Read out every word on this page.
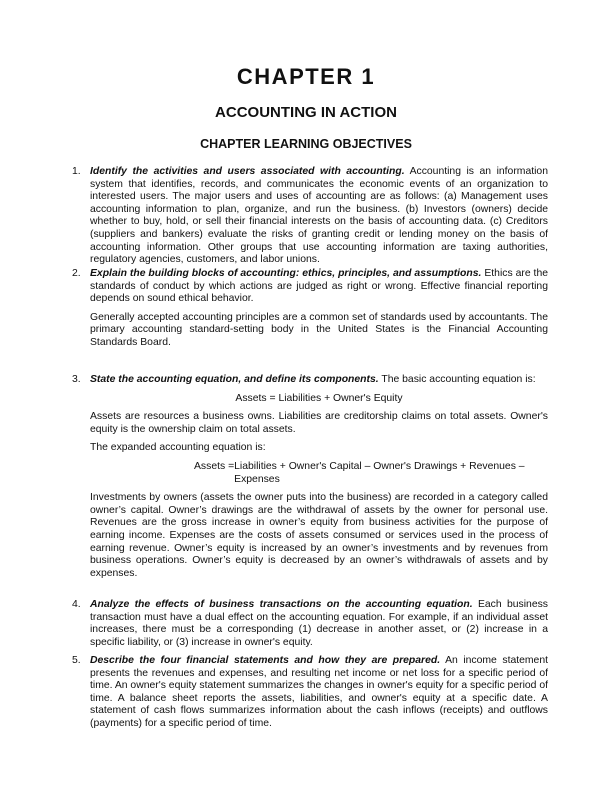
CHAPTER 1
ACCOUNTING IN ACTION
CHAPTER LEARNING OBJECTIVES
1. Identify the activities and users associated with accounting. Accounting is an information system that identifies, records, and communicates the economic events of an organization to interested users. The major users and uses of accounting are as follows: (a) Management uses accounting information to plan, organize, and run the business. (b) Investors (owners) decide whether to buy, hold, or sell their financial interests on the basis of accounting data. (c) Creditors (suppliers and bankers) evaluate the risks of granting credit or lending money on the basis of accounting information. Other groups that use accounting information are taxing authorities, regulatory agencies, customers, and labor unions.

2. Explain the building blocks of accounting: ethics, principles, and assumptions. Ethics are the standards of conduct by which actions are judged as right or wrong. Effective financial reporting depends on sound ethical behavior.

Generally accepted accounting principles are a common set of standards used by accountants. The primary accounting standard-setting body in the United States is the Financial Accounting Standards Board.

3. State the accounting equation, and define its components. The basic accounting equation is:

Assets = Liabilities + Owner's Equity

Assets are resources a business owns. Liabilities are creditorship claims on total assets. Owner's equity is the ownership claim on total assets.

The expanded accounting equation is:

Assets =Liabilities + Owner's Capital – Owner's Drawings + Revenues – Expenses

Investments by owners (assets the owner puts into the business) are recorded in a category called owner’s capital. Owner’s drawings are the withdrawal of assets by the owner for personal use. Revenues are the gross increase in owner’s equity from business activities for the purpose of earning income. Expenses are the costs of assets consumed or services used in the process of earning revenue. Owner’s equity is increased by an owner’s investments and by revenues from business operations. Owner’s equity is decreased by an owner’s withdrawals of assets and by expenses.

4. Analyze the effects of business transactions on the accounting equation. Each business transaction must have a dual effect on the accounting equation. For example, if an individual asset increases, there must be a corresponding (1) decrease in another asset, or (2) increase in a specific liability, or (3) increase in owner's equity.

5. Describe the four financial statements and how they are prepared. An income statement presents the revenues and expenses, and resulting net income or net loss for a specific period of time. An owner's equity statement summarizes the changes in owner's equity for a specific period of time. A balance sheet reports the assets, liabilities, and owner's equity at a specific date. A statement of cash flows summarizes information about the cash inflows (receipts) and outflows (payments) for a specific period of time.
